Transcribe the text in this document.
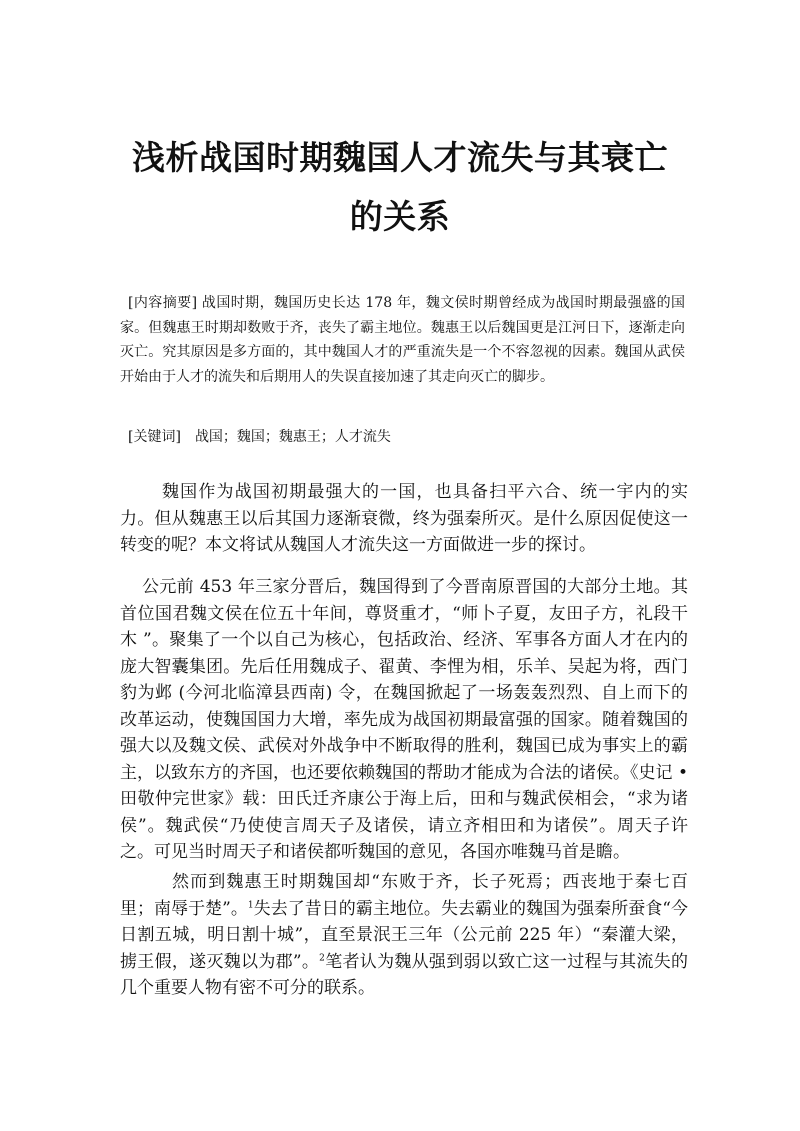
浅析战国时期魏国人才流失与其衰亡的关系
[内容摘要] 战国时期，魏国历史长达 178 年，魏文侯时期曾经成为战国时期最强盛的国家。但魏惠王时期却数败于齐，丧失了霸主地位。魏惠王以后魏国更是江河日下，逐渐走向灭亡。究其原因是多方面的，其中魏国人才的严重流失是一个不容忽视的因素。魏国从武侯开始由于人才的流失和后期用人的失误直接加速了其走向灭亡的脚步。
[关键词] 战国；魏国；魏惠王；人才流失
魏国作为战国初期最强大的一国，也具备扫平六合、统一宇内的实力。但从魏惠王以后其国力逐渐衰微，终为强秦所灭。是什么原因促使这一转变的呢？本文将试从魏国人才流失这一方面做进一步的探讨。
公元前 453 年三家分晋后，魏国得到了今晋南原晋国的大部分土地。其首位国君魏文侯在位五十年间，尊贤重才，“师卜子夏，友田子方，礼段干木 ”。聚集了一个以自己为核心，包括政治、经济、军事各方面人才在内的庞大智囊集团。先后任用魏成子、翟黄、李悝为相，乐羊、吴起为将，西门豹为邺 (今河北临漳县西南) 令，在魏国掀起了一场轰轰烈烈、自上而下的改革运动，使魏国国力大增，率先成为战国初期最富强的国家。随着魏国的强大以及魏文侯、武侯对外战争中不断取得的胜利，魏国已成为事实上的霸主，以致东方的齐国，也还要依赖魏国的帮助才能成为合法的诸侯。《史记 • 田敬仲完世家》载：田氏迁齐康公于海上后，田和与魏武侯相会，“求为诸侯”。魏武侯“乃使使言周天子及诸侯，请立齐相田和为诸侯”。周天子许之。可见当时周天子和诸侯都听魏国的意见，各国亦唯魏马首是瞻。
然而到魏惠王时期魏国却“东败于齐，长子死焉；西丧地于秦七百里；南辱于楚”。$^1$失去了昔日的霸主地位。失去霸业的魏国为强秦所蚕食“今日割五城，明日割十城”，直至景泯王三年（公元前 225 年）“秦灌大梁，掳王假，遂灭魏以为郡”。$^2$笔者认为魏从强到弱以致亡这一过程与其流失的几个重要人物有密不可分的联系。
